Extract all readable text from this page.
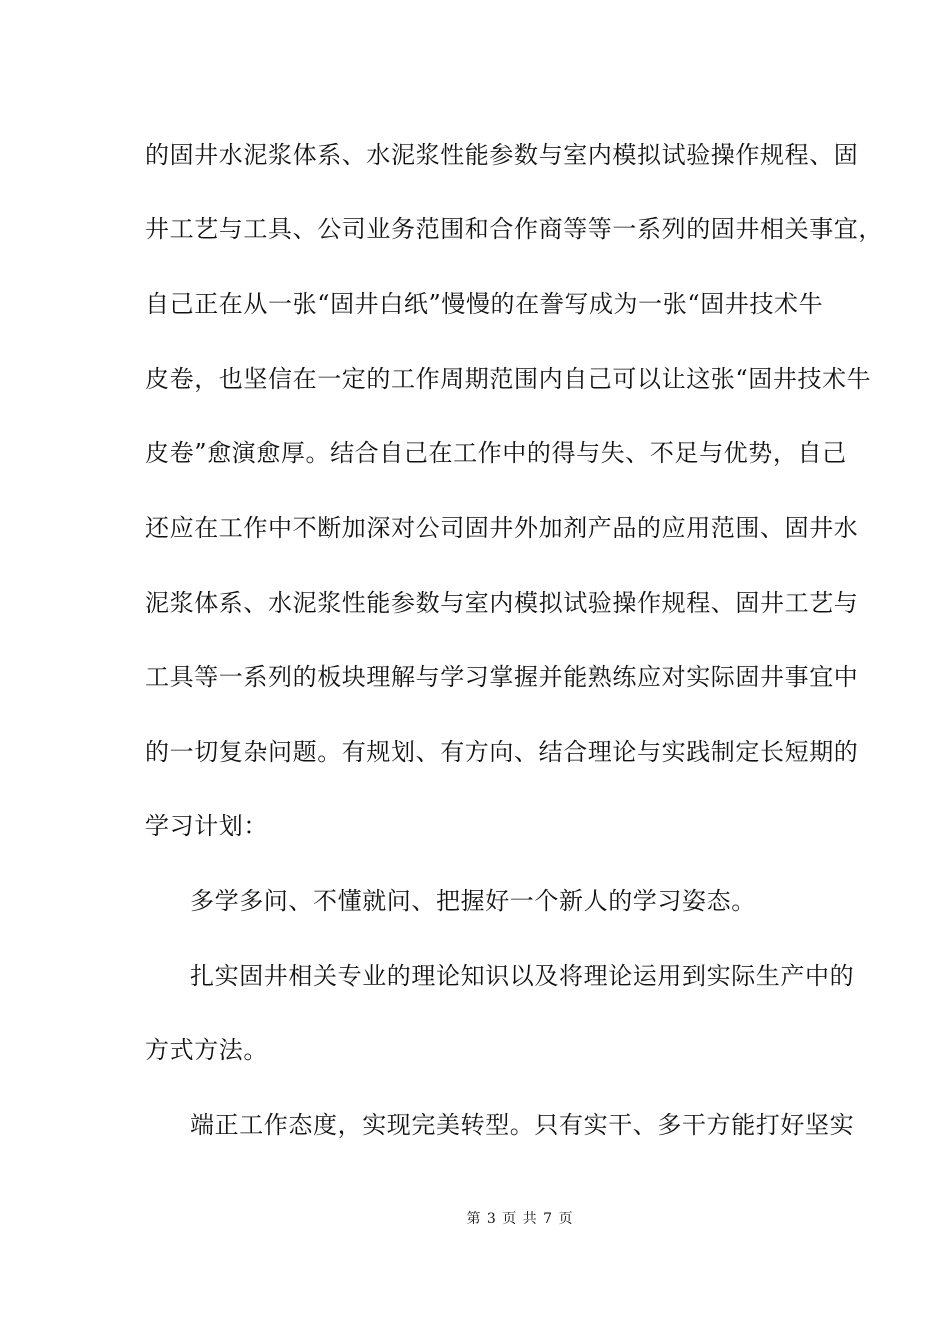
的固井水泥浆体系、水泥浆性能参数与室内模拟试验操作规程、固
井工艺与工具、公司业务范围和合作商等等一系列的固井相关事宜，
自己正在从一张“固井白纸”慢慢的在誊写成为一张“固井技术牛
皮卷，也坚信在一定的工作周期范围内自己可以让这张“固井技术牛
皮卷”愈演愈厚。结合自己在工作中的得与失、不足与优势，自己
还应在工作中不断加深对公司固井外加剂产品的应用范围、固井水
泥浆体系、水泥浆性能参数与室内模拟试验操作规程、固井工艺与
工具等一系列的板块理解与学习掌握并能熟练应对实际固井事宜中
的一切复杂问题。有规划、有方向、结合理论与实践制定长短期的
学习计划：
多学多问、不懂就问、把握好一个新人的学习姿态。
扎实固井相关专业的理论知识以及将理论运用到实际生产中的
方式方法。
端正工作态度，实现完美转型。只有实干、多干方能打好坚实
第 3 页 共 7 页
